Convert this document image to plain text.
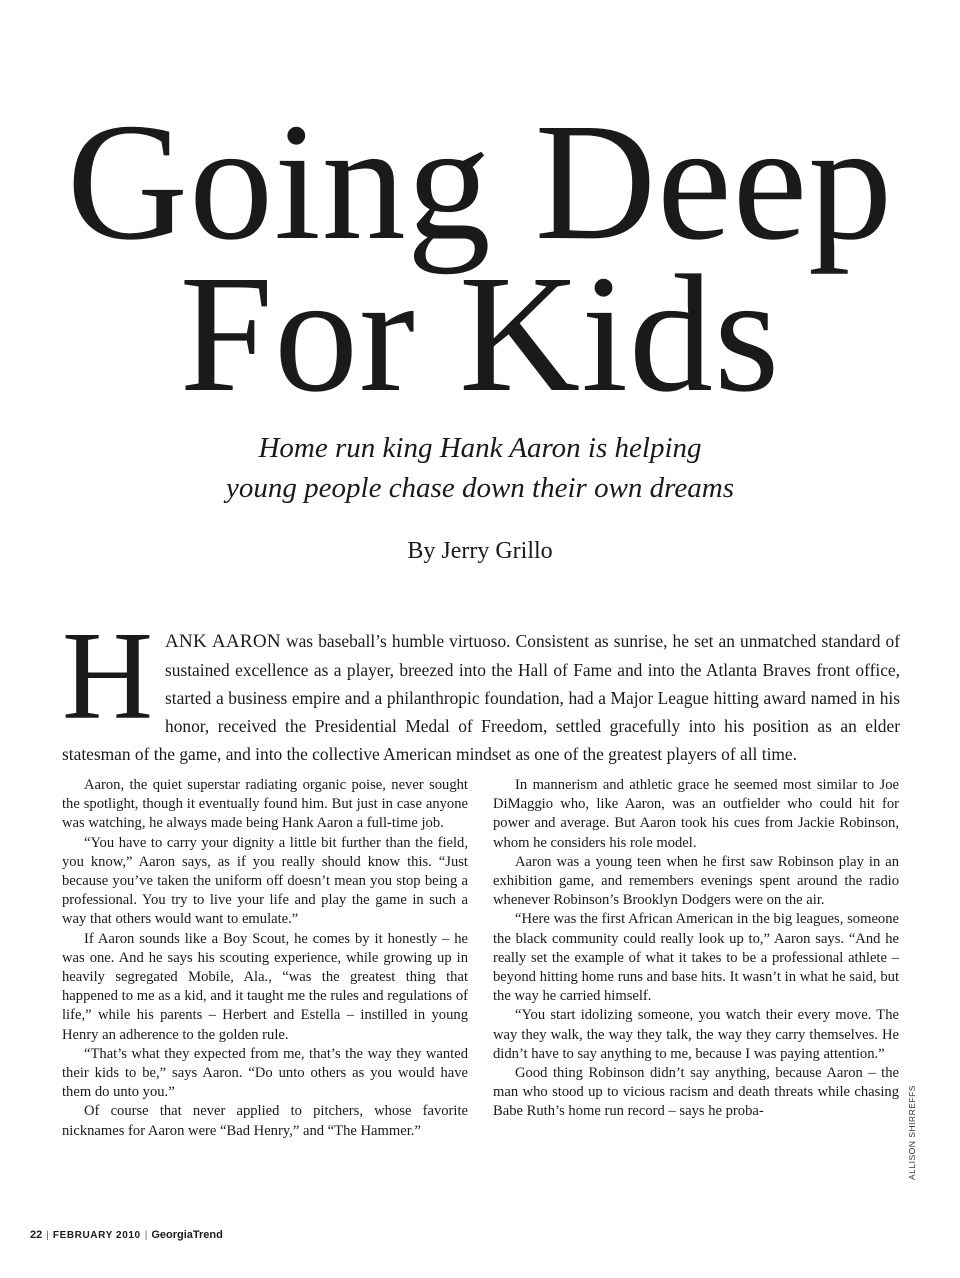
Going Deep
For Kids
Home run king Hank Aaron is helping
young people chase down their own dreams
By Jerry Grillo
HANK AARON was baseball’s humble virtuoso. Consistent as sunrise, he set an unmatched standard of sustained excellence as a player, breezed into the Hall of Fame and into the Atlanta Braves front office, started a business empire and a philanthropic foundation, had a Major League hitting award named in his honor, received the Presidential Medal of Freedom, settled gracefully into his position as an elder statesman of the game, and into the collective American mindset as one of the greatest players of all time.

Aaron, the quiet superstar radiating organic poise, never sought the spotlight, though it eventually found him. But just in case anyone was watching, he always made being Hank Aaron a full-time job.

“You have to carry your dignity a little bit further than the field, you know,” Aaron says, as if you really should know this. “Just because you’ve taken the uniform off doesn’t mean you stop being a professional. You try to live your life and play the game in such a way that others would want to emulate.”

If Aaron sounds like a Boy Scout, he comes by it honestly – he was one. And he says his scouting experience, while growing up in heavily segregated Mobile, Ala., “was the greatest thing that happened to me as a kid, and it taught me the rules and regulations of life,” while his parents – Herbert and Estella – instilled in young Henry an adherence to the golden rule.

“That’s what they expected from me, that’s the way they wanted their kids to be,” says Aaron. “Do unto others as you would have them do unto you.”

Of course that never applied to pitchers, whose favorite nicknames for Aaron were “Bad Henry,” and “The Hammer.”

In mannerism and athletic grace he seemed most similar to Joe DiMaggio who, like Aaron, was an outfielder who could hit for power and average. But Aaron took his cues from Jackie Robinson, whom he considers his role model.

Aaron was a young teen when he first saw Robinson play in an exhibition game, and remembers evenings spent around the radio whenever Robinson’s Brooklyn Dodgers were on the air.

“Here was the first African American in the big leagues, someone the black community could really look up to,” Aaron says. “And he really set the example of what it takes to be a professional athlete – beyond hitting home runs and base hits. It wasn’t in what he said, but the way he carried himself.

“You start idolizing someone, you watch their every move. The way they walk, the way they talk, the way they carry themselves. He didn’t have to say anything to me, because I was paying attention.”

Good thing Robinson didn’t say anything, because Aaron – the man who stood up to vicious racism and death threats while chasing Babe Ruth’s home run record – says he proba-	ALLISON SHIRREFFS
22 | FEBRUARY 2010 | GeorgiaTrend
